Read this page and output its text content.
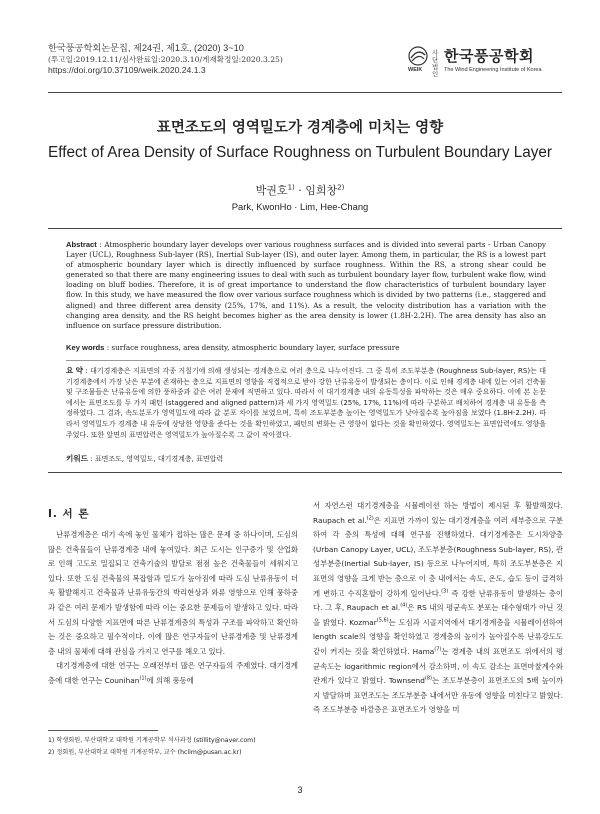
한국풍공학회논문집, 제24권, 제1호, (2020) 3~10
(투고일:2019.12.11/심사완료일:2020.3.10/게재확정일:2020.3.25)
https://doi.org/10.37109/weik.2020.24.1.3	WEIK
사단 법인
한국풍공학회
The Wind Engineering Institute of Korea
표면조도의 영역밀도가 경계층에 미치는 영향
Effect of Area Density of Surface Roughness on Turbulent Boundary Layer
박권호$^{1)}$ · 임희창$^{2)}$
Park, KwonHo · Lim, Hee-Chang
Abstract : Atmospheric boundary layer develops over various roughness surfaces and is divided into several parts - Urban Canopy Layer (UCL), Roughness Sub-layer (RS), Inertial Sub-layer (IS), and outer layer. Among them, in particular, the RS is a lowest part of atmospheric boundary layer which is directly influenced by surface roughness. Within the RS, a strong shear could be generated so that there are many engineering issues to deal with such as turbulent boundary layer flow, turbulent wake flow, wind loading on bluff bodies. Therefore, it is of great importance to understand the flow characteristics of turbulent boundary layer flow. In this study, we have measured the flow over various surface roughness which is divided by two patterns (i.e., staggered and aligned) and three different area density (25%, 17%, and 11%). As a result, the velocity distribution has a variation with the changing area density, and the RS height becomes higher as the area density is lower (1.8H-2.2H). The area density has also an influence on surface pressure distribution.
Key words : surface roughness, area density, atmospheric boundary layer, surface pressure
요 약 : 대기경계층은 지표면의 각종 거칠기에 의해 생성되는 경계층으로 여러 층으로 나누어진다. 그 중 특히 조도부분층 (Roughness Sub-layer, RS)는 대기경계층에서 가장 낮은 부분에 존재하는 층으로 지표면의 영향을 직접적으로 받아 강한 난류유동이 발생되는 층이다. 이로 인해 경계층 내에 있는 여러 건축물 및 구조물들은 난류유동에 의한 풍하중과 같은 여러 문제에 직면하고 있다. 따라서 이 대기경계층 내의 유동특성을 파악하는 것은 매우 중요하다. 이에 본 논문에서는 표면조도를 두 가지 패턴 (staggered and aligned pattern)과 세 가지 영역밀도 (25%, 17%, 11%)에 따라 구분하고 배치하여 경계층 내 유동을 측정하였다. 그 결과, 속도분포가 영역밀도에 따라 값 분포 차이를 보였으며, 특히 조도부분층 높이는 영역밀도가 낮아질수록 높아짐을 보였다 (1.8H-2.2H). 따라서 영역밀도가 경계층 내 유동에 상당한 영향을 준다는 것을 확인하였고, 패턴의 변화는 큰 영향이 없다는 것을 확인하였다. 영역밀도는 표면압력에도 영향을 주었다. 또한 앞면의 표면압력은 영역밀도가 높아질수록 그 값이 작아졌다.
키워드 : 표면조도, 영역밀도, 대기경계층, 표면압력
I. 서 론

난류경계층은 대기 속에 놓인 물체가 접하는 많은 문제 중 하나이며, 도심의 많은 건축물들이 난류경계층 내에 놓여있다. 최근 도시는 인구증가 및 산업화로 인해 고도로 밀집되고 건축기술의 발달로 점점 높은 건축물들이 세워지고 있다. 또한 도심 건축물의 복잡함과 밀도가 높아짐에 따라 도심 난류유동이 더욱 활발해지고 건축물과 난류유동간의 박리현상과 와류 영향으로 인해 풍하중과 같은 여러 문제가 발생함에 따라 이는 중요한 문제들이 발생하고 있다. 따라서 도심의 다양한 지표면에 따른 난류경계층의 특성과 구조를 파악하고 확인하는 것은 중요하고 필수적이다. 이에 많은 연구자들이 난류경계층 및 난류경계층 내의 물체에 대해 관심을 가지고 연구를 해오고 있다.

대기경계층에 대한 연구는 오래전부터 많은 연구자들의 주제였다. 대기경계층에 대한 연구는 Counihan$^{(1)}$에 의해 풍동에

서 자연스런 대기경계층을 시뮬레이션 하는 방법이 제시된 후 활발해졌다. Raupach et al.$^{(2)}$은 지표면 가까이 있는 대기경계층을 여러 세부층으로 구분하여 각 층의 특성에 대해 연구를 진행하였다. 대기경계층은 도시차양층(Urban Canopy Layer, UCL), 조도부분층(Roughness Sub-layer, RS), 관성부분층(Inertial Sub-layer, IS) 등으로 나누어지며, 특히 조도부분층은 지표면의 영향을 크게 받는 층으로 이 층 내에서는 속도, 온도, 습도 등이 급격하게 변하고 수직혼합이 강하게 일어난다.$^{(3)}$ 즉 강한 난류유동이 발생하는 층이다. 그 후, Raupach et al.$^{(4)}$은 RS 내의 평균속도 분포는 대수형태가 아닌 것을 밝혔다. Kozmar$^{(5,6)}$는 도심과 시골지역에서 대기경계층을 시뮬레이션하여 length scale의 영향을 확인하였고 경계층의 높이가 높아질수록 난류강도도 같이 커지는 것을 확인하였다. Hama$^{(7)}$는 경계층 내의 표면조도 위에서의 평균속도는 logarithmic region에서 감소하며, 이 속도 감소는 표면마찰계수와 관계가 있다고 밝혔다. Townsend$^{(8)}$는 조도부분층이 표면조도의 5배 높이까지 발달하며 표면조도는 조도부분층 내에서만 유동에 영향을 미친다고 밝혔다. 즉 조도부분층 바깥층은 표면조도가 영향을 미

1) 학생회원, 부산대학교 대학원 기계공학부 석사과정 (stillity@naver.com)
2) 정회원, 부산대학교 대학원 기계공학부, 교수 (hclim@pusan.ac.kr)
3
